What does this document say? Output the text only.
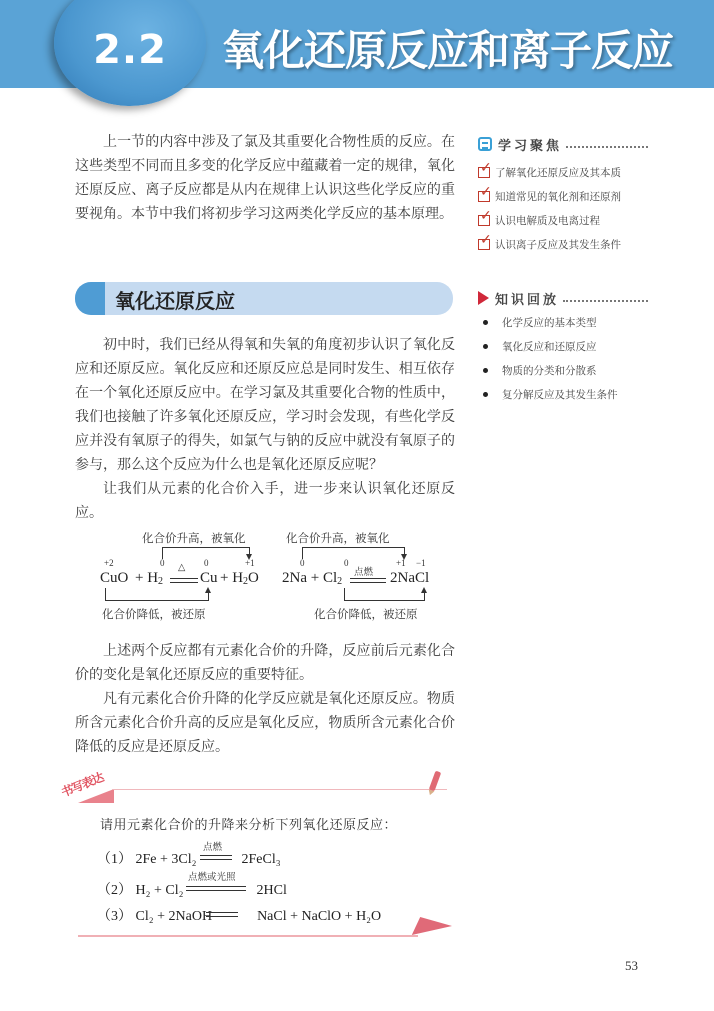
2.2	氧化还原反应和离子反应

上一节的内容中涉及了氯及其重要化合物性质的反应。在这些类型不同而且多变的化学反应中蕴藏着一定的规律，氧化还原反应、离子反应都是从内在规律上认识这些化学反应的重要视角。本节中我们将初步学习这两类化学反应的基本原理。

学习聚焦
✓
了解氧化还原反应及其本质
✓
知道常见的氧化剂和还原剂
✓
认识电解质及电离过程
✓
认识离子反应及其发生条件
知识回放
化学反应的基本类型
氧化反应和还原反应
物质的分类和分散系
复分解反应及其发生条件
氧化还原反应

初中时，我们已经从得氧和失氧的角度初步认识了氧化反应和还原反应。氧化反应和还原反应总是同时发生、相互依存在一个氧化还原反应中。在学习氯及其重要化合物的性质中，我们也接触了许多氧化还原反应，学习时会发现，有些化学反应并没有氧原子的得失，如氯气与钠的反应中就没有氧原子的参与，那么这个反应为什么也是氧化还原反应呢？

让我们从元素的化合价入手，进一步来认识氧化还原反应。

化合价升高，被氧化
+2	0	0	+1
CuO + $H_2$
△
$Cu + H_2O$
化合价降低，被还原
化合价升高，被氧化
0	0	+1 −1
$2Na + Cl_2$
点燃 2NaCl
化合价降低，被还原

上述两个反应都有元素化合价的升降，反应前后元素化合价的变化是氧化还原反应的重要特征。

凡有元素化合价升降的化学反应就是氧化还原反应。物质所含元素化合价升高的反应是氧化反应，物质所含元素化合价降低的反应是还原反应。

书写表达
请用元素化合价的升降来分析下列氧化还原反应：
（1） 2Fe + 3Cl₂	2FeCl₃
点燃
（2） H₂ + Cl₂	2HCl
点燃或光照
（3） Cl₂ + 2NaOH	NaCl + NaClO + H₂O
53
